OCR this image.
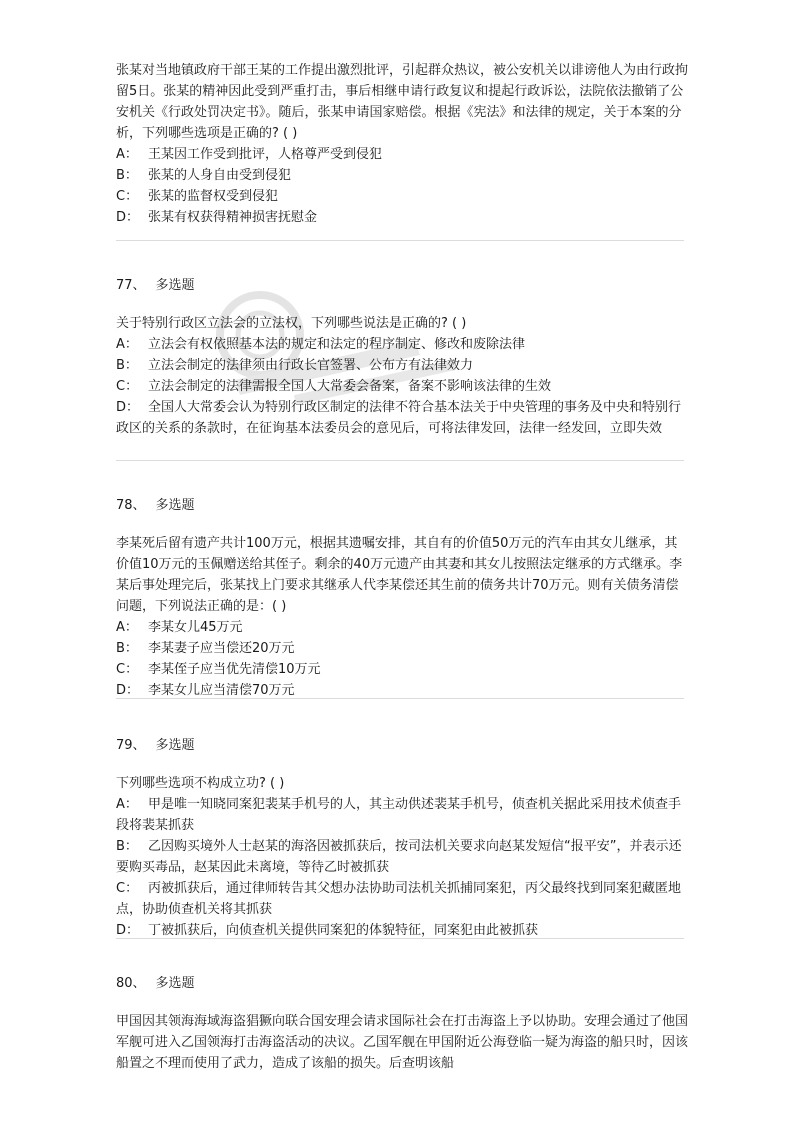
张某对当地镇政府干部王某的工作提出激烈批评，引起群众热议，被公安机关以诽谤他人为由行政拘留5日。张某的精神因此受到严重打击，事后相继申请行政复议和提起行政诉讼，法院依法撤销了公安机关《行政处罚决定书》。随后，张某申请国家赔偿。根据《宪法》和法律的规定，关于本案的分析，下列哪些选项是正确的? ( )
A： 王某因工作受到批评，人格尊严受到侵犯
B： 张某的人身自由受到侵犯
C： 张某的监督权受到侵犯
D： 张某有权获得精神损害抚慰金
77、 多选题
关于特别行政区立法会的立法权，下列哪些说法是正确的? ( )
A： 立法会有权依照基本法的规定和法定的程序制定、修改和废除法律
B： 立法会制定的法律须由行政长官签署、公布方有法律效力
C： 立法会制定的法律需报全国人大常委会备案，备案不影响该法律的生效
D： 全国人大常委会认为特别行政区制定的法律不符合基本法关于中央管理的事务及中央和特别行政区的关系的条款时，在征询基本法委员会的意见后，可将法律发回，法律一经发回，立即失效
78、 多选题
李某死后留有遗产共计100万元，根据其遗嘱安排，其自有的价值50万元的汽车由其女儿继承，其价值10万元的玉佩赠送给其侄子。剩余的40万元遗产由其妻和其女儿按照法定继承的方式继承。李某后事处理完后，张某找上门要求其继承人代李某偿还其生前的债务共计70万元。则有关债务清偿问题，下列说法正确的是：( )
A： 李某女儿45万元
B： 李某妻子应当偿还20万元
C： 李某侄子应当优先清偿10万元
D： 李某女儿应当清偿70万元
79、 多选题
下列哪些选项不构成立功? ( )
A： 甲是唯一知晓同案犯裴某手机号的人，其主动供述裴某手机号，侦查机关据此采用技术侦查手段将裴某抓获
B： 乙因购买境外人士赵某的海洛因被抓获后，按司法机关要求向赵某发短信“报平安”，并表示还要购买毒品，赵某因此未离境，等待乙时被抓获
C： 丙被抓获后，通过律师转告其父想办法协助司法机关抓捕同案犯，丙父最终找到同案犯藏匿地点，协助侦查机关将其抓获
D： 丁被抓获后，向侦查机关提供同案犯的体貌特征，同案犯由此被抓获
80、 多选题
甲国因其领海海域海盗猖獗向联合国安理会请求国际社会在打击海盗上予以协助。安理会通过了他国军舰可进入乙国领海打击海盗活动的决议。乙国军舰在甲国附近公海登临一疑为海盗的船只时，因该船置之不理而使用了武力，造成了该船的损失。后查明该船
